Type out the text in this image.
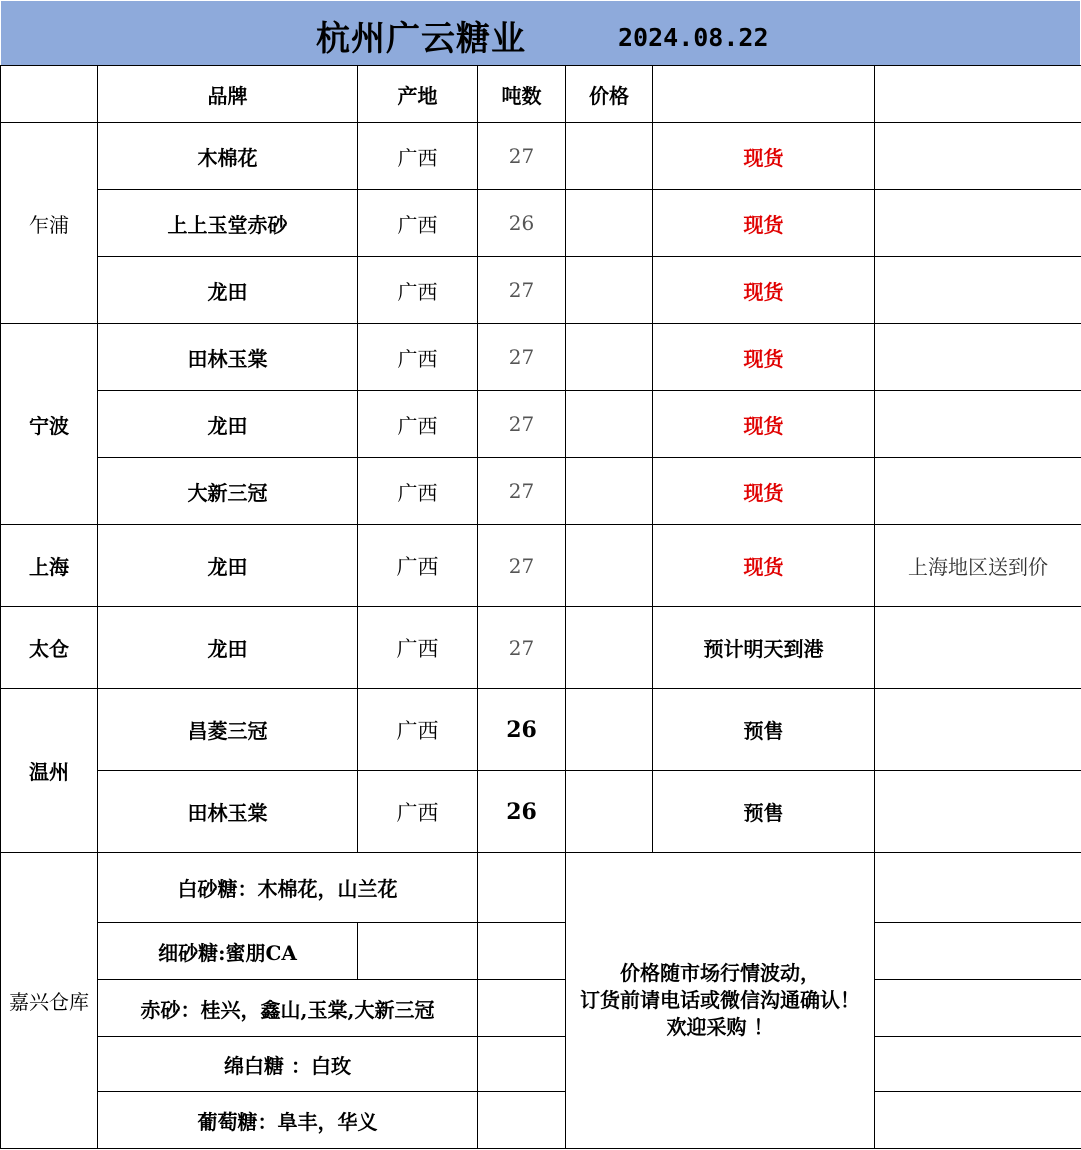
杭州广云糖业	2024.08.22
	品牌	产地	吨数	价格		
乍浦	木棉花	广西	27		现货	
	上上玉堂赤砂	广西	26		现货	
	龙田	广西	27		现货	
宁波	田林玉棠	广西	27		现货	
	龙田	广西	27		现货	
	大新三冠	广西	27		现货	
上海	龙田	广西	27		现货	上海地区送到价
太仓	龙田	广西	27		预计明天到港	
温州	昌菱三冠	广西	26		预售	
	田林玉棠	广西	26		预售	
嘉兴仓库	白砂糖：木棉花，山兰花			价格随市场行情波动，
订货前请电话或微信沟通确认！
欢迎采购 ！		

	细砂糖:蜜朋CA					
	赤砂：桂兴，鑫山,玉棠,大新三冠					
	绵白糖 ：白玫					
	葡萄糖：阜丰，华义					
